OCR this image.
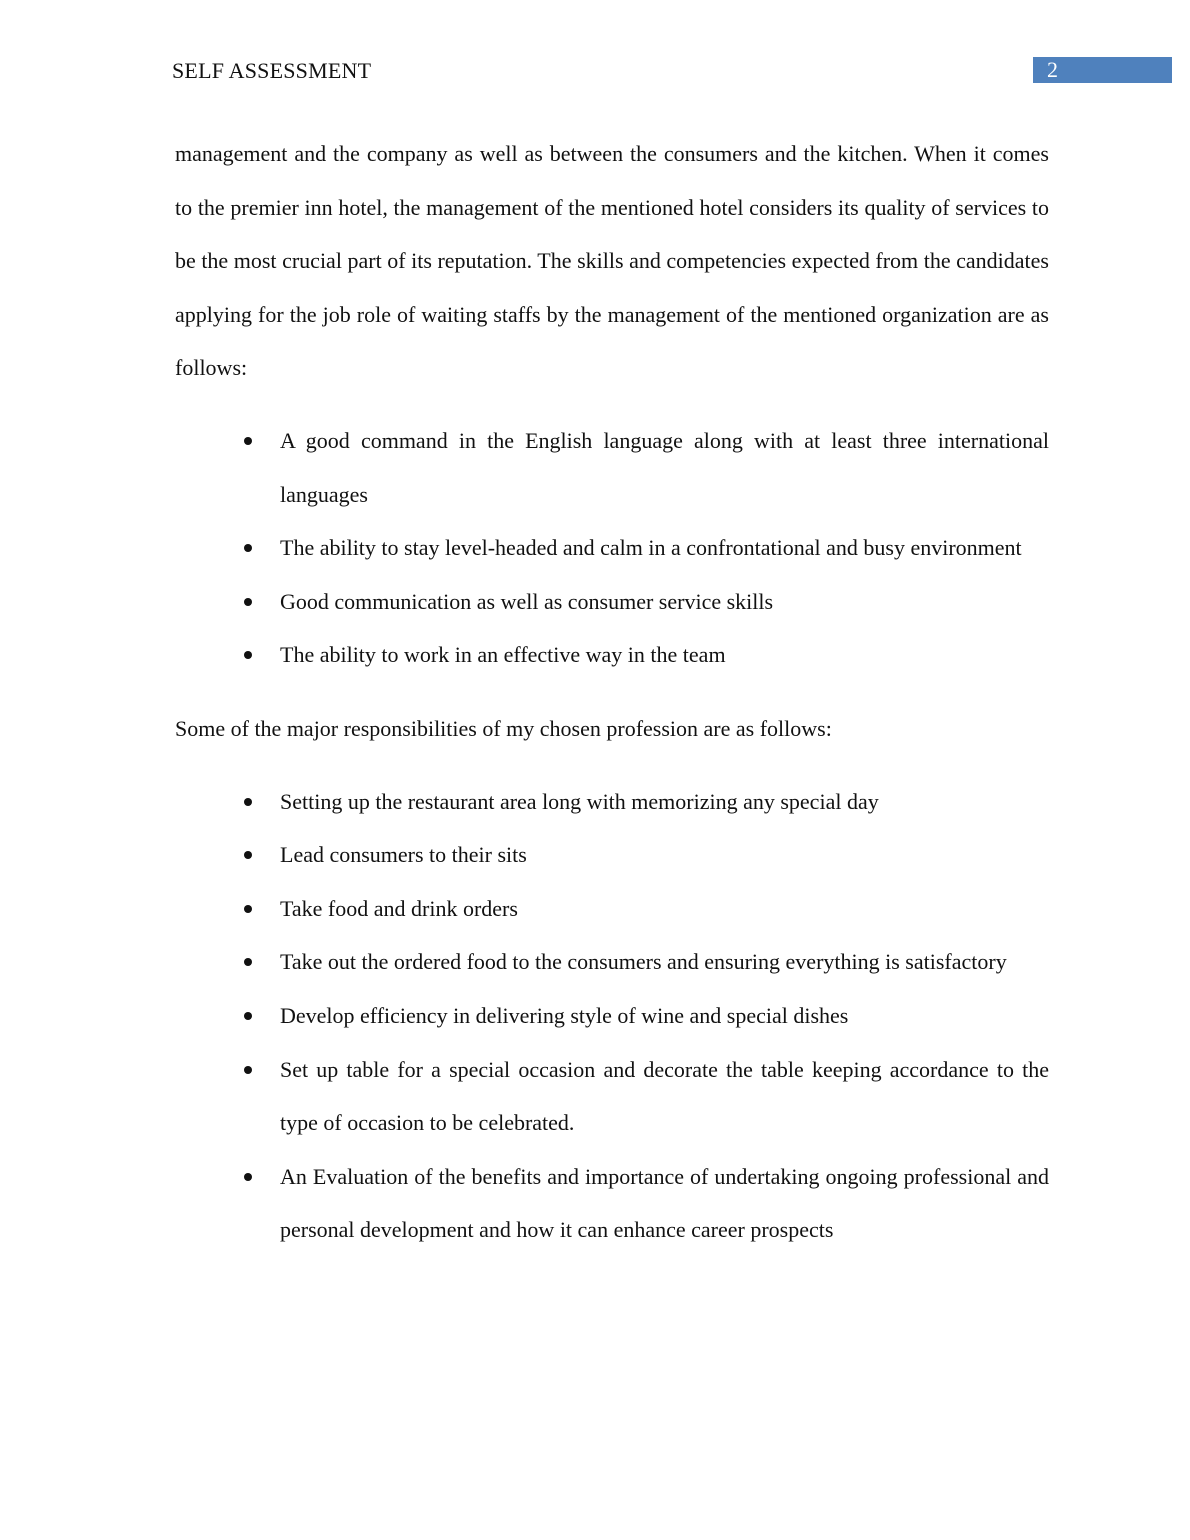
SELF ASSESSMENT	2

management and the company as well as between the consumers and the kitchen. When it comes to the premier inn hotel, the management of the mentioned hotel considers its quality of services to be the most crucial part of its reputation. The skills and competencies expected from the candidates applying for the job role of waiting staffs by the management of the mentioned organization are as follows:

A good command in the English language along with at least three international languages
The ability to stay level-headed and calm in a confrontational and busy environment
Good communication as well as consumer service skills
The ability to work in an effective way in the team

Some of the major responsibilities of my chosen profession are as follows:

Setting up the restaurant area long with memorizing any special day
Lead consumers to their sits
Take food and drink orders
Take out the ordered food to the consumers and ensuring everything is satisfactory
Develop efficiency in delivering style of wine and special dishes
Set up table for a special occasion and decorate the table keeping accordance to the type of occasion to be celebrated.
An Evaluation of the benefits and importance of undertaking ongoing professional and personal development and how it can enhance career prospects
